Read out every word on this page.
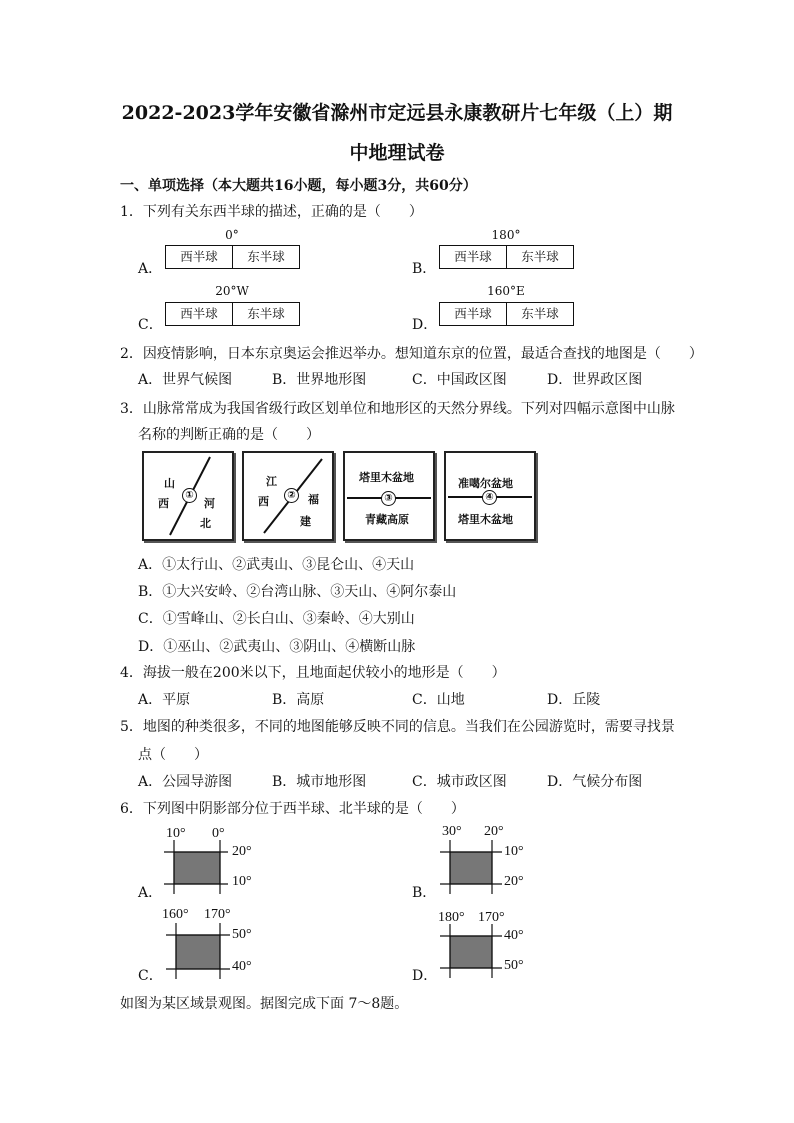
2022-2023学年安徽省滁州市定远县永康教研片七年级（上）期
中地理试卷
一、单项选择（本大题共16小题，每小题3分，共60分）
1．下列有关东西半球的描述，正确的是（　　）
A．
0°
西半球	东半球
B．
180°
西半球	东半球
C．
20°W
西半球	东半球
D．
160°E
西半球	东半球
2．因疫情影响，日本东京奥运会推迟举办。想知道东京的位置，最适合查找的地图是（　　）
A．世界气候图	B．世界地形图	C．中国政区图	D．世界政区图
3．山脉常常成为我国省级行政区划单位和地形区的天然分界线。下列对四幅示意图中山脉
名称的判断正确的是（　　）
山
西	河
北
①
江
西	福
建
②
塔里木盆地
青藏高原
③
准噶尔盆地
塔里木盆地
④
A．①太行山、②武夷山、③昆仑山、④天山
B．①大兴安岭、②台湾山脉、③天山、④阿尔泰山
C．①雪峰山、②长白山、③秦岭、④大别山
D．①巫山、②武夷山、③阴山、④横断山脉
4．海拔一般在200米以下，且地面起伏较小的地形是（　　）
A．平原	B．高原	C．山地	D．丘陵
5．地图的种类很多，不同的地图能够反映不同的信息。当我们在公园游览时，需要寻找景
点（　　）
A．公园导游图	B．城市地形图	C．城市政区图	D．气候分布图
6．下列图中阴影部分位于西半球、北半球的是（　　）
A．
10° 0°
20°
10°
B．
30° 20°
10°
20°
C．
160° 170°
50°
40°
D．
180° 170°
40°
50°
如图为某区域景观图。据图完成下面 7～8题。
